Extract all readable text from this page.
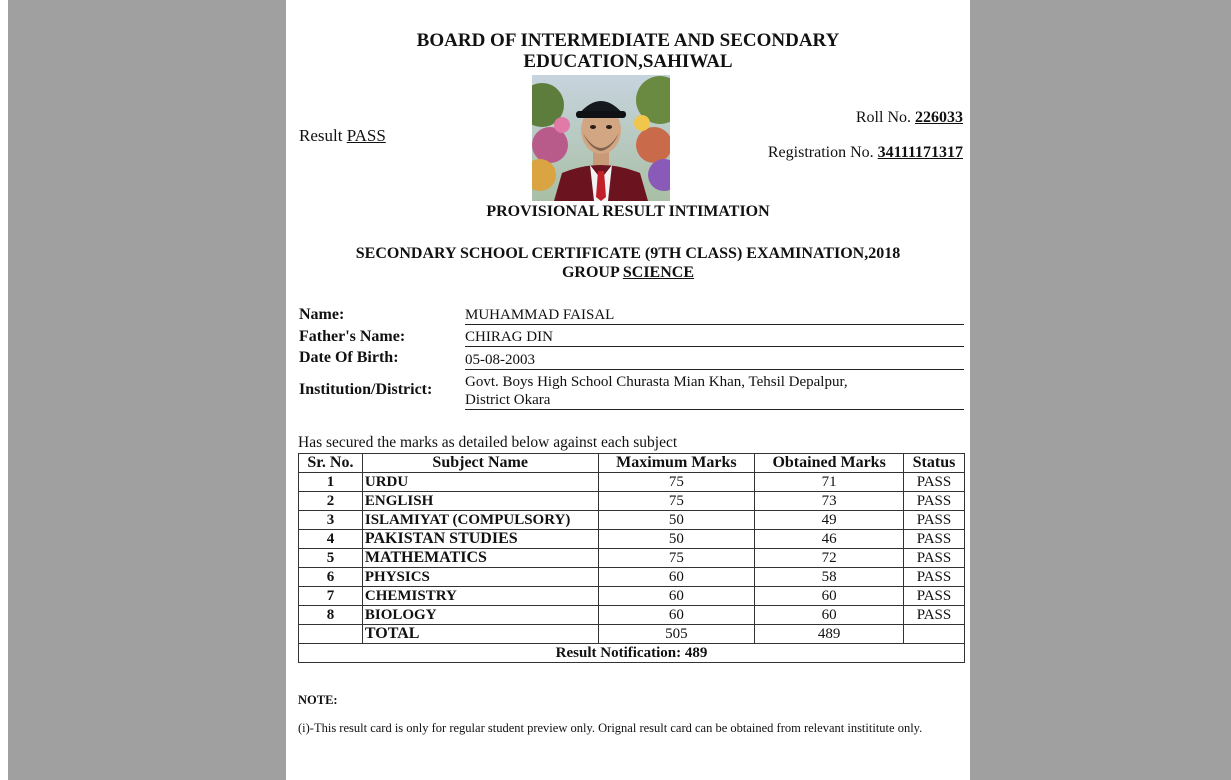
BOARD OF INTERMEDIATE AND SECONDARY
EDUCATION,SAHIWAL
Result PASS
Roll No. 226033
Registration No. 34111171317
PROVISIONAL RESULT INTIMATION
SECONDARY SCHOOL CERTIFICATE (9TH CLASS) EXAMINATION,2018
GROUP SCIENCE
Name:	MUHAMMAD FAISAL
Father's Name:	CHIRAG DIN
Date Of Birth:	05-08-2003
Institution/District: Govt. Boys High School Churasta Mian Khan, Tehsil Depalpur,
District Okara
Has secured the marks as detailed below against each subject
Sr. No.	Subject Name	Maximum Marks	Obtained Marks	Status
1	URDU	75	71	PASS
2	ENGLISH	75	73	PASS
3	ISLAMIYAT (COMPULSORY)	50	49	PASS
4	PAKISTAN STUDIES	50	46	PASS
5	MATHEMATICS	75	72	PASS
6	PHYSICS	60	58	PASS
7	CHEMISTRY	60	60	PASS
8	BIOLOGY	60	60	PASS
	TOTAL	505	489	
Result Notification: 489				
NOTE:
(i)-This result card is only for regular student preview only. Orignal result card can be obtained from relevant instititute only.
